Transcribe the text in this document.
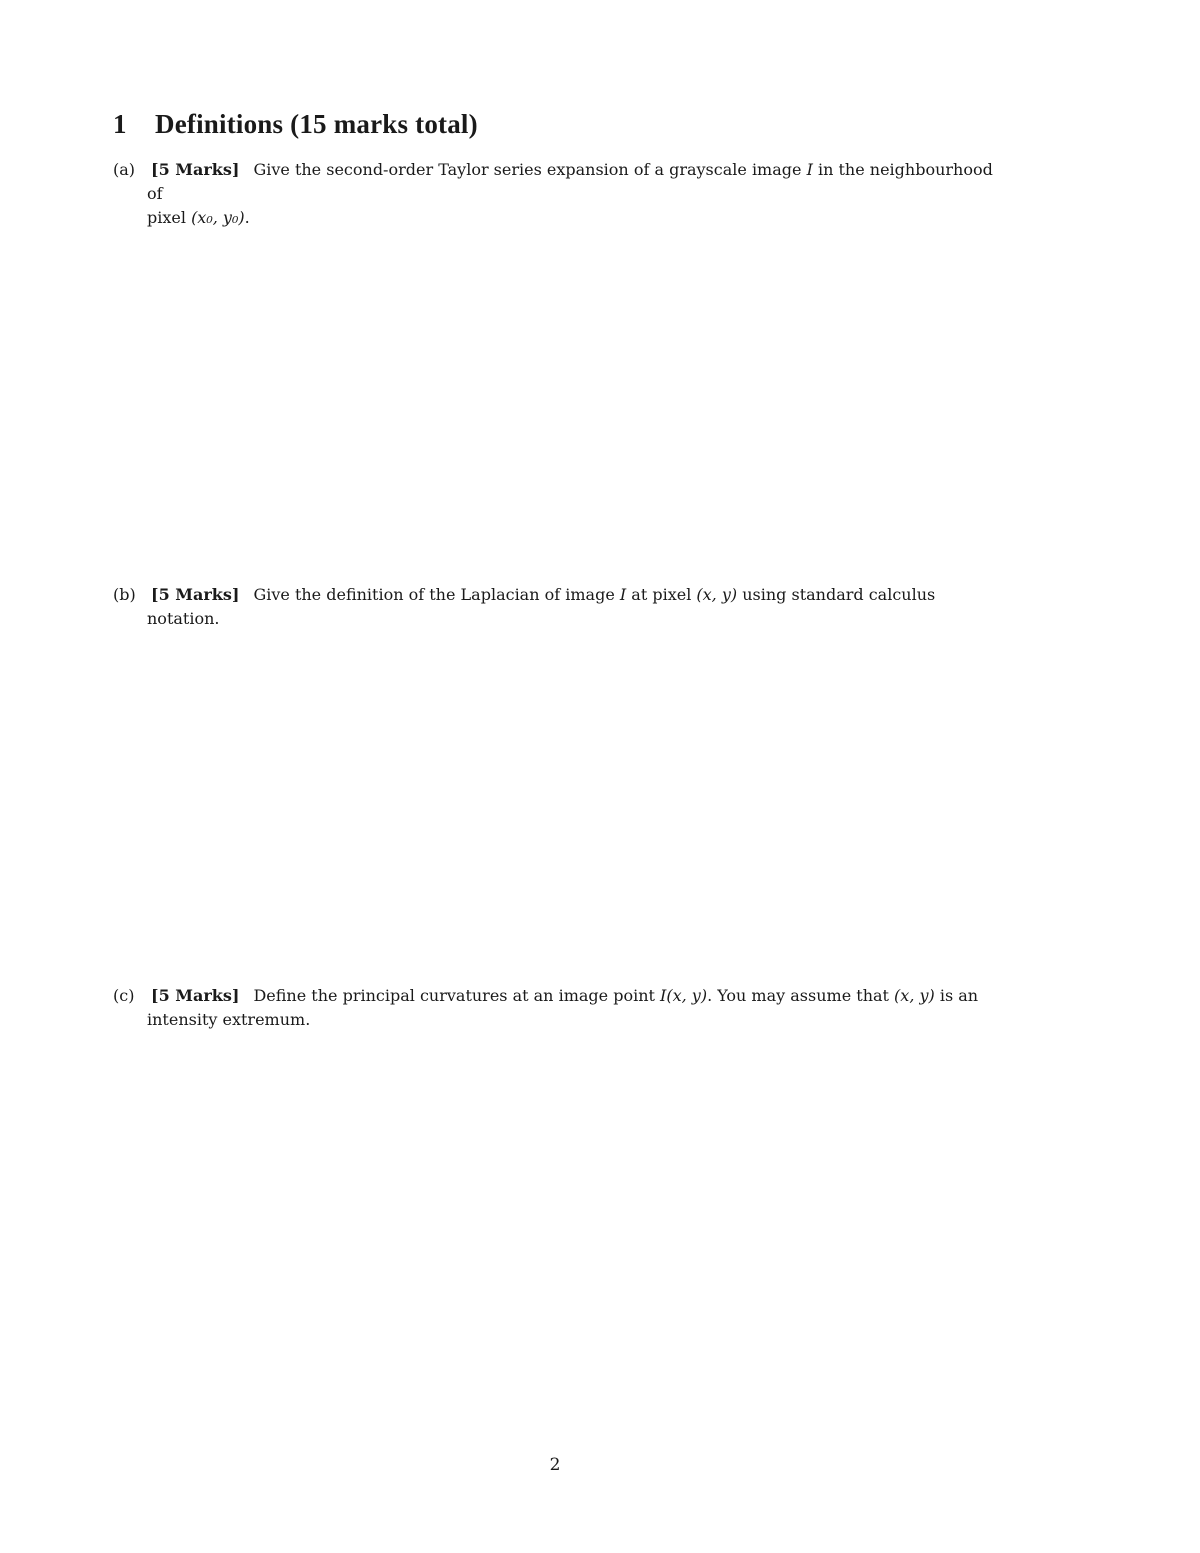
1 Definitions (15 marks total)
(a) [5 Marks] Give the second-order Taylor series expansion of a grayscale image I in the neighbourhood of
pixel (x₀, y₀).
(b) [5 Marks] Give the definition of the Laplacian of image I at pixel (x, y) using standard calculus notation.
(c)	[5 Marks] Define the principal curvatures at an image point I(x, y). You may assume that (x, y) is an
intensity extremum.
2
